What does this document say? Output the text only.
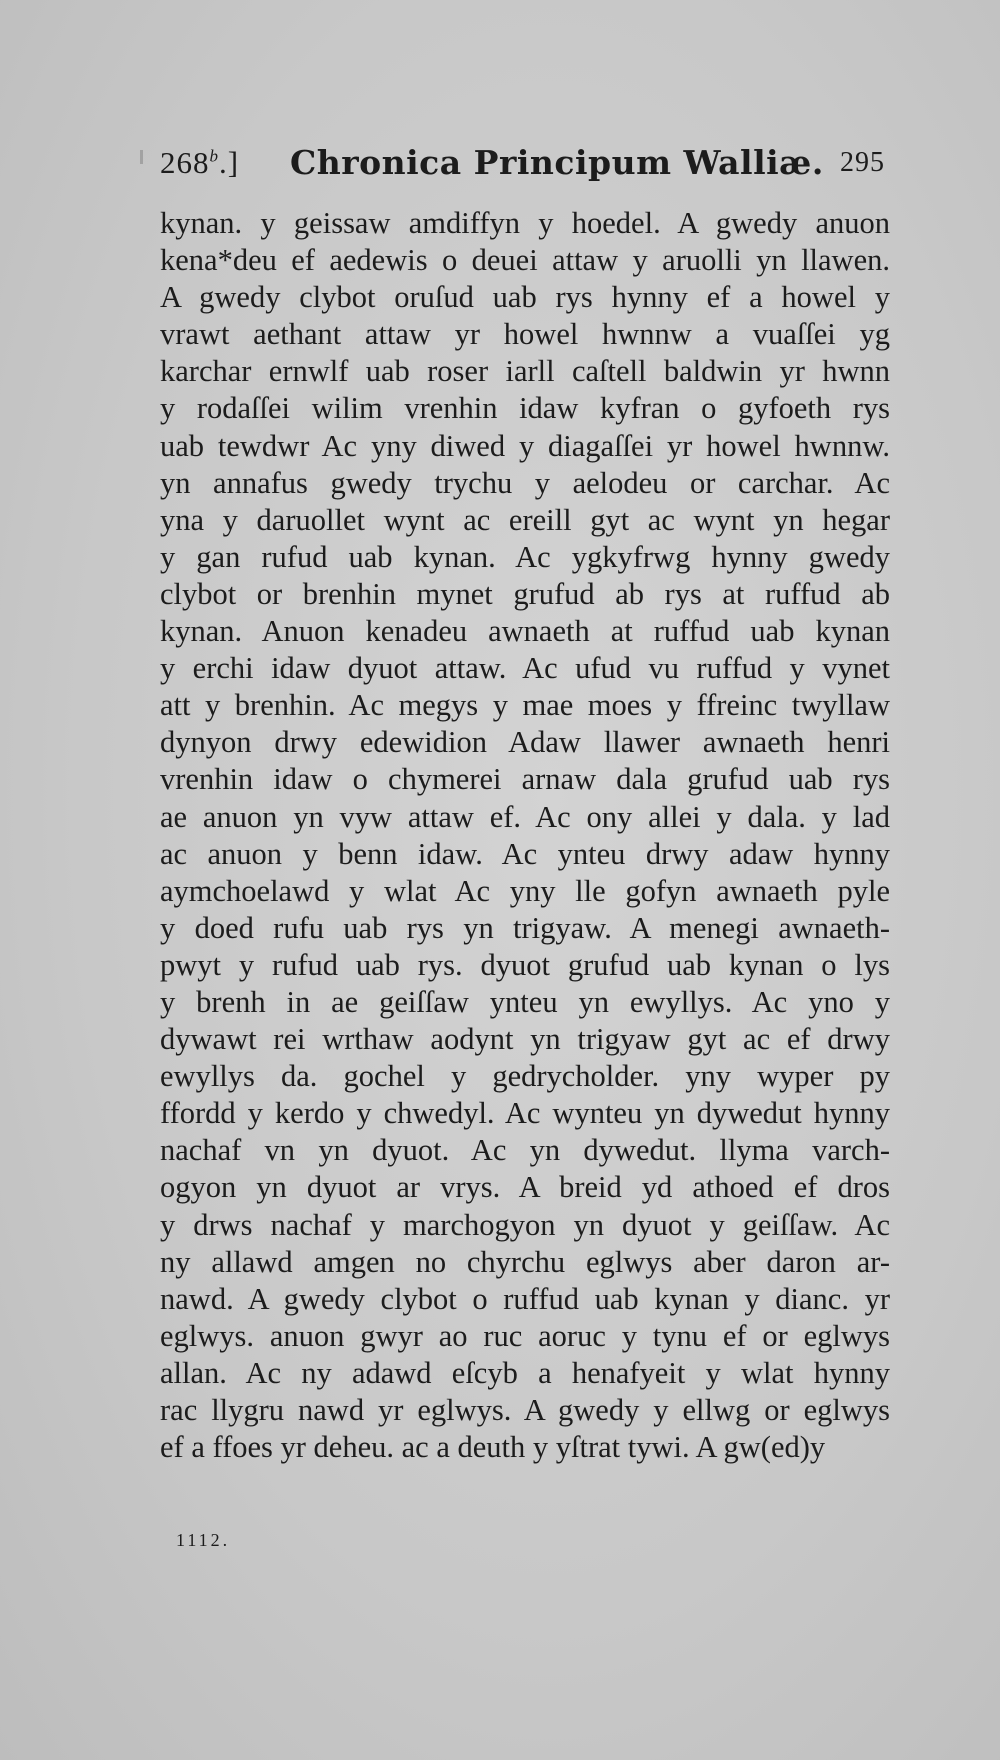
268$^b$.] Chronica Principum Walliæ. 295
kynan. y geissaw amdiffyn y hoedel. A gwedy anuon
kena*deu ef aedewis o deuei attaw y aruolli yn llawen.
A gwedy clybot oruſud uab rys hynny ef a howel y
vrawt aethant attaw yr howel hwnnw a vuaſſei yg
karchar ernwlf uab roser iarll caſtell baldwin yr hwnn
y rodaſſei wilim vrenhin idaw kyfran o gyfoeth rys
uab tewdwr Ac yny diwed y diagaſſei yr howel hwnnw.
yn annafus gwedy trychu y aelodeu or carchar. Ac
yna y daruollet wynt ac ereill gyt ac wynt yn hegar
y gan rufud uab kynan. Ac ygkyfrwg hynny gwedy
clybot or brenhin mynet grufud ab rys at ruffud ab
kynan. Anuon kenadeu awnaeth at ruffud uab kynan
y erchi idaw dyuot attaw. Ac ufud vu ruffud y vynet
att y brenhin. Ac megys y mae moes y ffreinc twyllaw
dynyon drwy edewidion Adaw llawer awnaeth henri
vrenhin idaw o chymerei arnaw dala grufud uab rys
ae anuon yn vyw attaw ef. Ac ony allei y dala. y lad
ac anuon y benn idaw. Ac ynteu drwy adaw hynny
aymchoelawd y wlat Ac yny lle gofyn awnaeth pyle
y doed rufu uab rys yn trigyaw. A menegi awnaeth-
pwyt y rufud uab rys. dyuot grufud uab kynan o lys
y brenh in ae geiſſaw ynteu yn ewyllys. Ac yno y
dywawt rei wrthaw aodynt yn trigyaw gyt ac ef drwy
ewyllys da. gochel y gedrycholder. yny wyper py
ffordd y kerdo y chwedyl. Ac wynteu yn dywedut hynny
nachaf vn yn dyuot. Ac yn dywedut. llyma varch-
ogyon yn dyuot ar vrys. A breid yd athoed ef dros
y drws nachaf y marchogyon yn dyuot y geiſſaw. Ac
ny allawd amgen no chyrchu eglwys aber daron ar-
nawd. A gwedy clybot o ruffud uab kynan y dianc. yr
eglwys. anuon gwyr ao ruc aoruc y tynu ef or eglwys
allan. Ac ny adawd eſcyb a henafyeit y wlat hynny
rac llygru nawd yr eglwys. A gwedy y ellwg or eglwys
ef a ffoes yr deheu. ac a deuth y yſtrat tywi. A gw(ed)y
1112.
